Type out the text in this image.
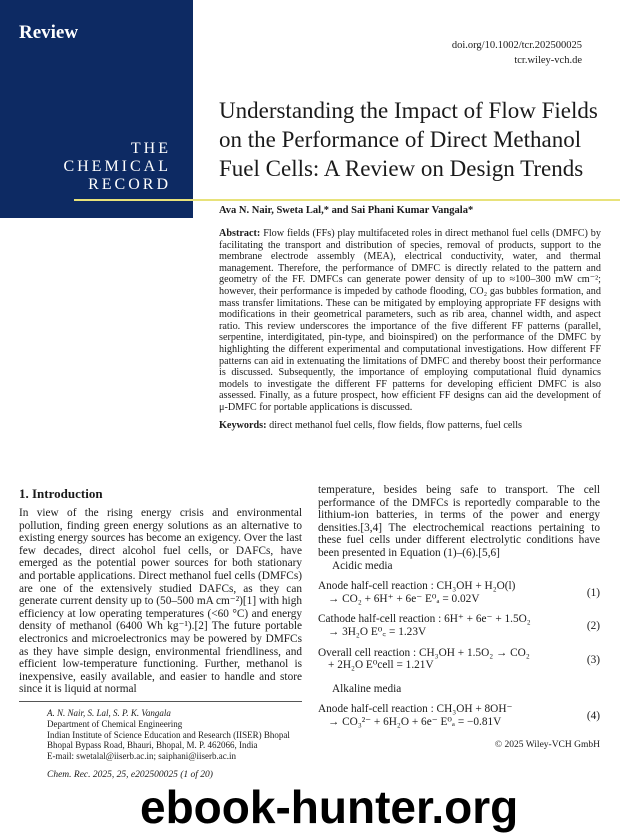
Review
THE
CHEMICAL
RECORD
doi.org/10.1002/tcr.202500025
tcr.wiley-vch.de
Understanding the Impact of Flow Fields on the Performance of Direct Methanol Fuel Cells: A Review on Design Trends
Ava N. Nair, Sweta Lal,* and Sai Phani Kumar Vangala*
Abstract: Flow fields (FFs) play multifaceted roles in direct methanol fuel cells (DMFC) by facilitating the transport and distribution of species, removal of products, support to the membrane electrode assembly (MEA), electrical conductivity, water, and thermal management. Therefore, the performance of DMFC is directly related to the pattern and geometry of the FF. DMFCs can generate power density of up to ≈100–300 mW cm⁻²; however, their performance is impeded by cathode flooding, CO₂ gas bubbles formation, and mass transfer limitations. These can be mitigated by employing appropriate FF designs with modifications in their geometrical parameters, such as rib area, channel width, and aspect ratio. This review underscores the importance of the five different FF patterns (parallel, serpentine, interdigitated, pin-type, and bioinspired) on the performance of the DMFC by highlighting the different experimental and computational investigations. How different FF patterns can aid in extenuating the limitations of DMFC and thereby boost their performance is discussed. Subsequently, the importance of employing computational fluid dynamics models to investigate the different FF patterns for developing efficient DMFC is also assessed. Finally, as a future prospect, how efficient FF designs can aid the development of μ-DMFC for portable applications is discussed.
Keywords: direct methanol fuel cells, flow fields, flow patterns, fuel cells
1. Introduction
In view of the rising energy crisis and environmental pollution, finding green energy solutions as an alternative to existing energy sources has become an exigency. Over the last few decades, direct alcohol fuel cells, or DAFCs, have emerged as the potential power sources for both stationary and portable applications. Direct methanol fuel cells (DMFCs) are one of the extensively studied DAFCs, as they can generate current density up to (50–500 mA cm⁻²)[1] with high efficiency at low operating temperatures (<60 °C) and energy density of methanol (6400 Wh kg⁻¹).[2] The future portable electronics and microelectronics may be powered by DMFCs as they have simple design, environmental friendliness, and efficient low-temperature functioning. Further, methanol is inexpensive, easily available, and easier to handle and store since it is liquid at normal
A. N. Nair, S. Lal, S. P. K. Vangala
Department of Chemical Engineering
Indian Institute of Science Education and Research (IISER) Bhopal
Bhopal Bypass Road, Bhauri, Bhopal, M. P. 462066, India
E-mail: swetalal@iiserb.ac.in; saiphani@iiserb.ac.in
Chem. Rec. 2025, 25, e202500025 (1 of 20)
ebook-hunter.org
temperature, besides being safe to transport. The cell performance of the DMFCs is reportedly comparable to the lithium-ion batteries, in terms of the power and energy densities.[3,4] The electrochemical reactions pertaining to these fuel cells under different electrolytic conditions have been presented in Equation (1)–(6).[5,6]
Acidic media
Anode half-cell reaction : CH₃OH + H₂O(l)
→ CO₂ + 6H⁺ + 6e⁻ E⁰ₐ = 0.02V	(1)
Cathode half-cell reaction : 6H⁺ + 6e⁻ + 1.5O₂
→ 3H₂O E⁰꜀ = 1.23V	(2)
Overall cell reaction : CH₃OH + 1.5O₂ → CO₂
+ 2H₂O E⁰cell = 1.21V	(3)
Alkaline media
Anode half-cell reaction : CH₃OH + 8OH⁻
→ CO₃²⁻ + 6H₂O + 6e⁻ E⁰ₐ = −0.81V	(4)
© 2025 Wiley-VCH GmbH
